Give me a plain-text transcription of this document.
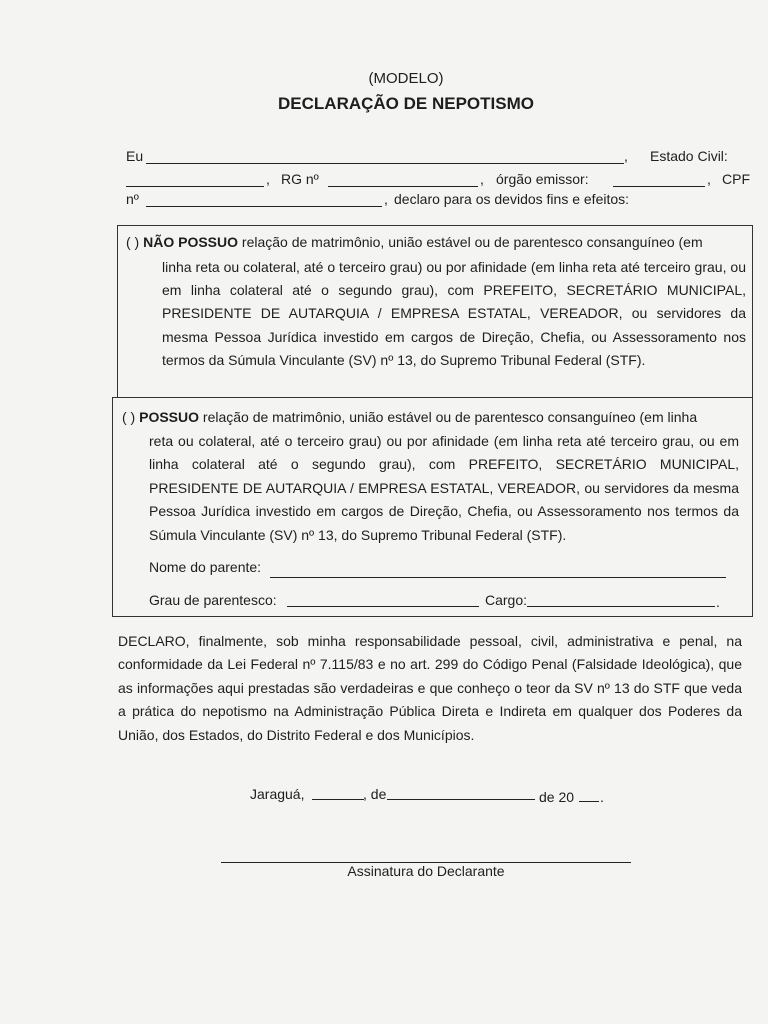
(MODELO)
DECLARAÇÃO DE NEPOTISMO
Eu	, Estado Civil:
, RG nº	, órgão emissor:	, CPF
nº	, declaro para os devidos fins e efeitos:
( ) NÃO POSSUO relação de matrimônio, união estável ou de parentesco consanguíneo (em
linha reta ou colateral, até o terceiro grau) ou por afinidade (em linha reta até terceiro grau, ou em linha colateral até o segundo grau), com PREFEITO, SECRETÁRIO MUNICIPAL, PRESIDENTE DE AUTARQUIA / EMPRESA ESTATAL, VEREADOR, ou servidores da mesma Pessoa Jurídica investido em cargos de Direção, Chefia, ou Assessoramento nos termos da Súmula Vinculante (SV) nº 13, do Supremo Tribunal Federal (STF).
( ) POSSUO relação de matrimônio, união estável ou de parentesco consanguíneo (em linha
reta ou colateral, até o terceiro grau) ou por afinidade (em linha reta até terceiro grau, ou em linha colateral até o segundo grau), com PREFEITO, SECRETÁRIO MUNICIPAL, PRESIDENTE DE AUTARQUIA / EMPRESA ESTATAL, VEREADOR, ou servidores da mesma Pessoa Jurídica investido em cargos de Direção, Chefia, ou Assessoramento nos termos da Súmula Vinculante (SV) nº 13, do Supremo Tribunal Federal (STF).
Nome do parente:
Grau de parentesco:	Cargo:	.
DECLARO, finalmente, sob minha responsabilidade pessoal, civil, administrativa e penal, na conformidade da Lei Federal nº 7.115/83 e no art. 299 do Código Penal (Falsidade Ideológica), que as informações aqui prestadas são verdadeiras e que conheço o teor da SV nº 13 do STF que veda a prática do nepotismo na Administração Pública Direta e Indireta em qualquer dos Poderes da União, dos Estados, do Distrito Federal e dos Municípios.
Jaraguá,	, de	de 20 .
Assinatura do Declarante
